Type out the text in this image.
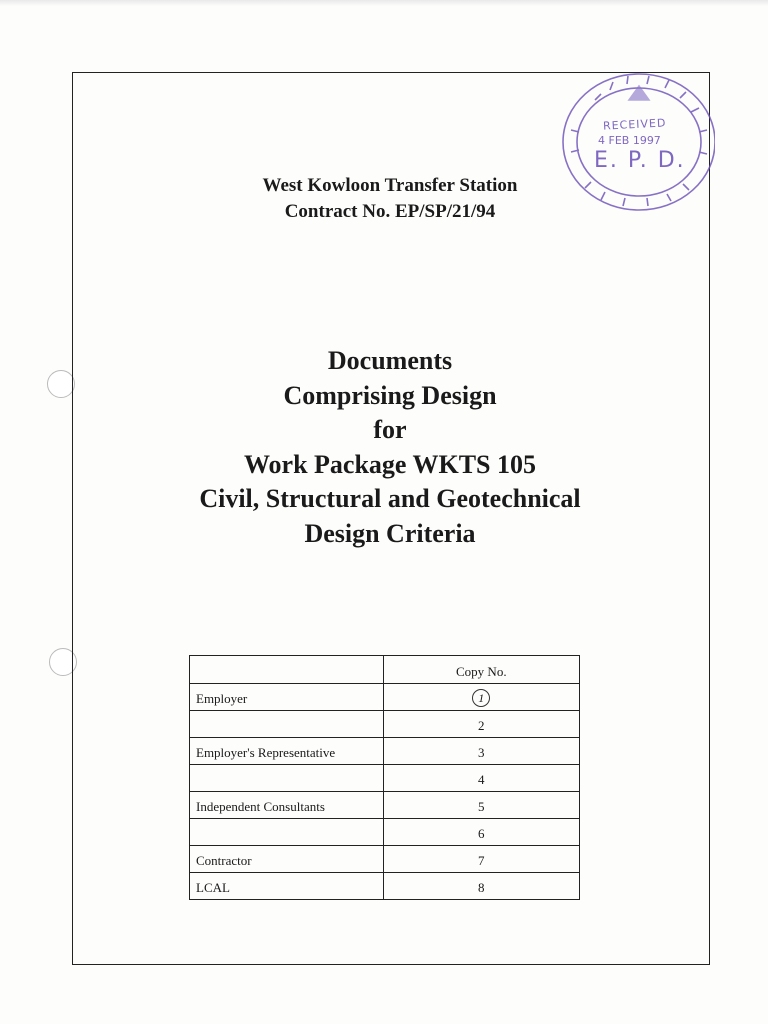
RECEIVED
4 FEB 1997
E. P. D.
West Kowloon Transfer Station
Contract No. EP/SP/21/94
Documents
Comprising Design
for
Work Package WKTS 105
Civil, Structural and Geotechnical
Design Criteria
	Copy No.
Employer	1
	2
Employer's Representative	3
	4
Independent Consultants	5
	6
Contractor	7
LCAL	8
